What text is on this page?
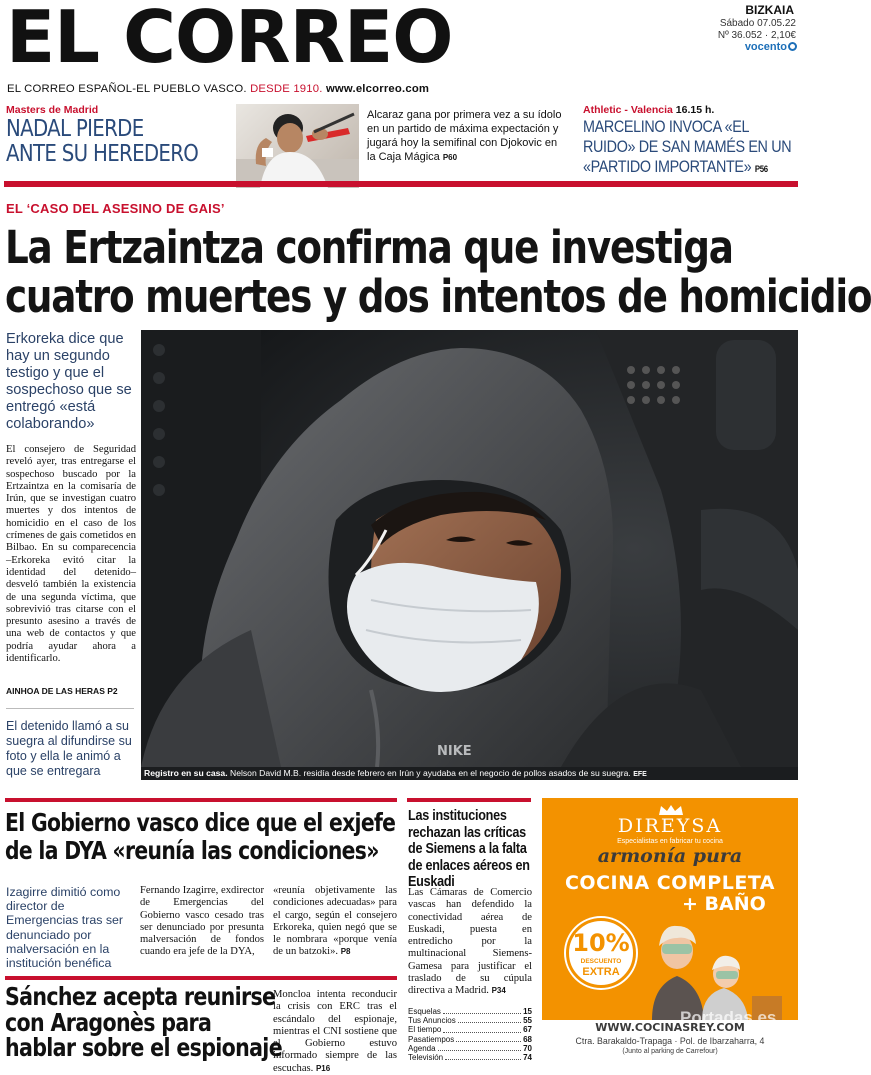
EL CORREO	BIZKAIA
Sábado 07.05.22
Nº 36.052 · 2,10€
vocento
EL CORREO ESPAÑOL-EL PUEBLO VASCO. DESDE 1910. www.elcorreo.com
Masters de Madrid
NADAL PIERDE
ANTE SU HEREDERO
Alcaraz gana por primera vez a su ídolo en un partido de máxima expectación y jugará hoy la semifinal con Djokovic en la Caja Mágica P60
Athletic - Valencia 16.15 h.
MARCELINO INVOCA «EL RUIDO» DE SAN MAMÉS EN UN «PARTIDO IMPORTANTE» P56
EL ‘CASO DEL ASESINO DE GAIS’
La Ertzaintza confirma que investiga
cuatro muertes y dos intentos de homicidio
Erkoreka dice que hay un segundo testigo y que el sospechoso que se entregó «está colaborando»
El consejero de Seguridad reveló ayer, tras entregarse el sospechoso buscado por la Ertzaintza en la comisaría de Irún, que se investigan cuatro muertes y dos intentos de homicidio en el caso de los crímenes de gais cometidos en Bilbao. En su comparecencia –Erkoreka evitó citar la identidad del detenido– desveló también la existencia de una segunda víctima, que sobrevivió tras citarse con el presunto asesino a través de una web de contactos y que podría ayudar ahora a identificarlo.
AINHOA DE LAS HERAS P2
El detenido llamó a su suegra al difundirse su foto y ella le animó a que se entregara
NIKE
Registro en su casa. Nelson David M.B. residía desde febrero en Irún y ayudaba en el negocio de pollos asados de su suegra. EFE
El Gobierno vasco dice que el exjefe
de la DYA «reunía las condiciones»
Izagirre dimitió como director de Emergencias tras ser denunciado por malversación en la institución benéfica
Fernando Izagirre, exdirector de Emergencias del Gobierno vasco cesado tras ser denunciado por presunta malversación de fondos cuando era jefe de la DYA,
«reunía objetivamente las condiciones adecuadas» para el cargo, según el consejero Erkoreka, quien negó que se le nombrara «porque venía de un batzoki». P8
Las instituciones rechazan las críticas de Siemens a la falta de enlaces aéreos en Euskadi
Las Cámaras de Comercio vascas han defendido la conectividad aérea de Euskadi, puesta en entredicho por la multinacional Siemens-Gamesa para justificar el traslado de su cúpula directiva a Madrid. P34
Esquelas	15
Tus Anuncios	55
El tiempo	67
Pasatiempos	68
Agenda	70
Televisión	74
Sánchez acepta reunirse
con Aragonès para
hablar sobre el espionaje
Moncloa intenta reconducir la crisis con ERC tras el escándalo del espionaje, mientras el CNI sostiene que el Gobierno estuvo informado siempre de las escuchas. P16
DIREYSA
Especialistas en fabricar tu cocina
armonía pura
COCINA COMPLETA
+ BAÑO
10%
DESCUENTO
EXTRA
WWW.COCINASREY.COM
Ctra. Barakaldo-Trapaga · Pol. de Ibarzaharra, 4
(Junto al parking de Carrefour)
Portadas.es
